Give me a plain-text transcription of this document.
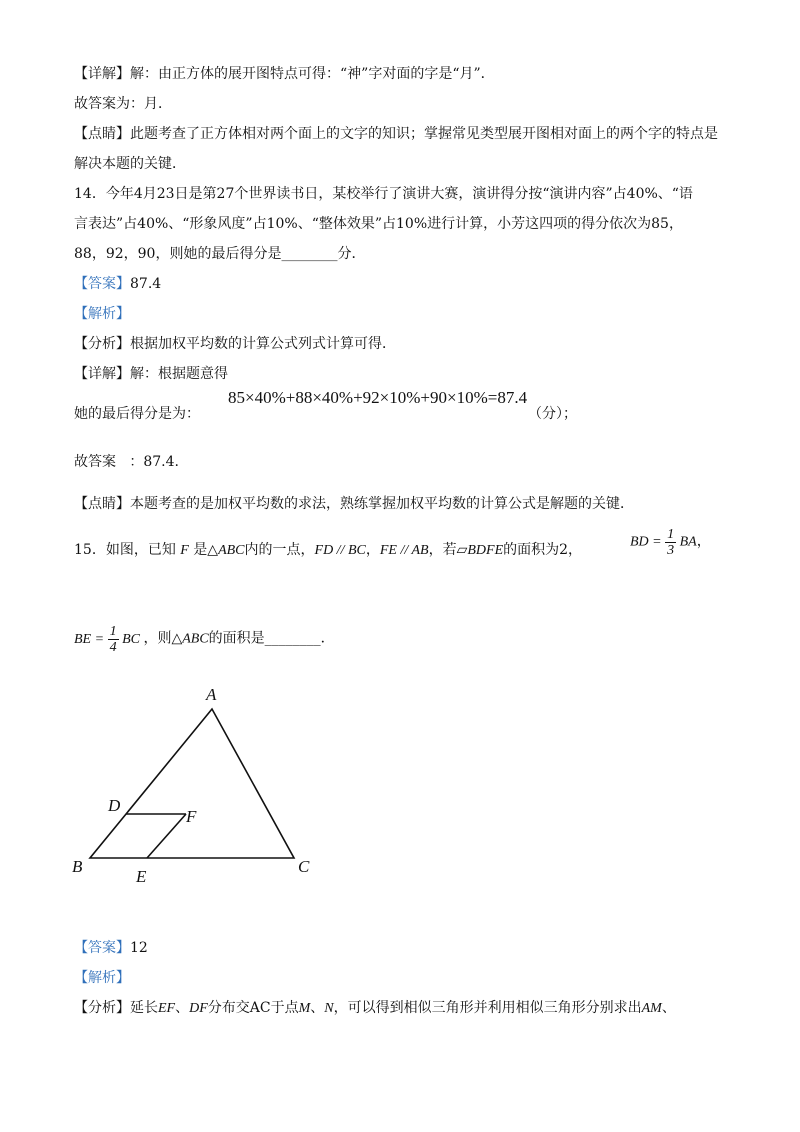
【详解】解：由正方体的展开图特点可得：“神”字对面的字是“月”．
故答案为：月．
【点睛】此题考查了正方体相对两个面上的文字的知识；掌握常见类型展开图相对面上的两个字的特点是
解决本题的关键．
14．今年4月23日是第27个世界读书日，某校举行了演讲大赛，演讲得分按“演讲内容”占40%、“语
言表达”占40%、“形象风度”占10%、“整体效果”占10%进行计算，小芳这四项的得分依次为85，
88，92，90，则她的最后得分是________分．
【答案】87.4
【解析】
【分析】根据加权平均数的计算公式列式计算可得．
【详解】解：根据题意得
她的最后得分是为：
85×40%+88×40%+92×10%+90×10%=87.4
（分）；
故答案 ：87.4.
【点睛】本题考查的是加权平均数的求法，熟练掌握加权平均数的计算公式是解题的关键．
15．如图，已知 F 是△ABC内的一点，FD // BC，FE // AB，若▱BDFE的面积为2，	BD = $\frac{1}{3}$ BA，
BE = $\frac{1}{4}$ BC ，则△ABC的面积是________．
A
B	C
D
E
F
【答案】12
【解析】
【分析】延长EF、DF分布交AC于点M、N，可以得到相似三角形并利用相似三角形分别求出AM、
